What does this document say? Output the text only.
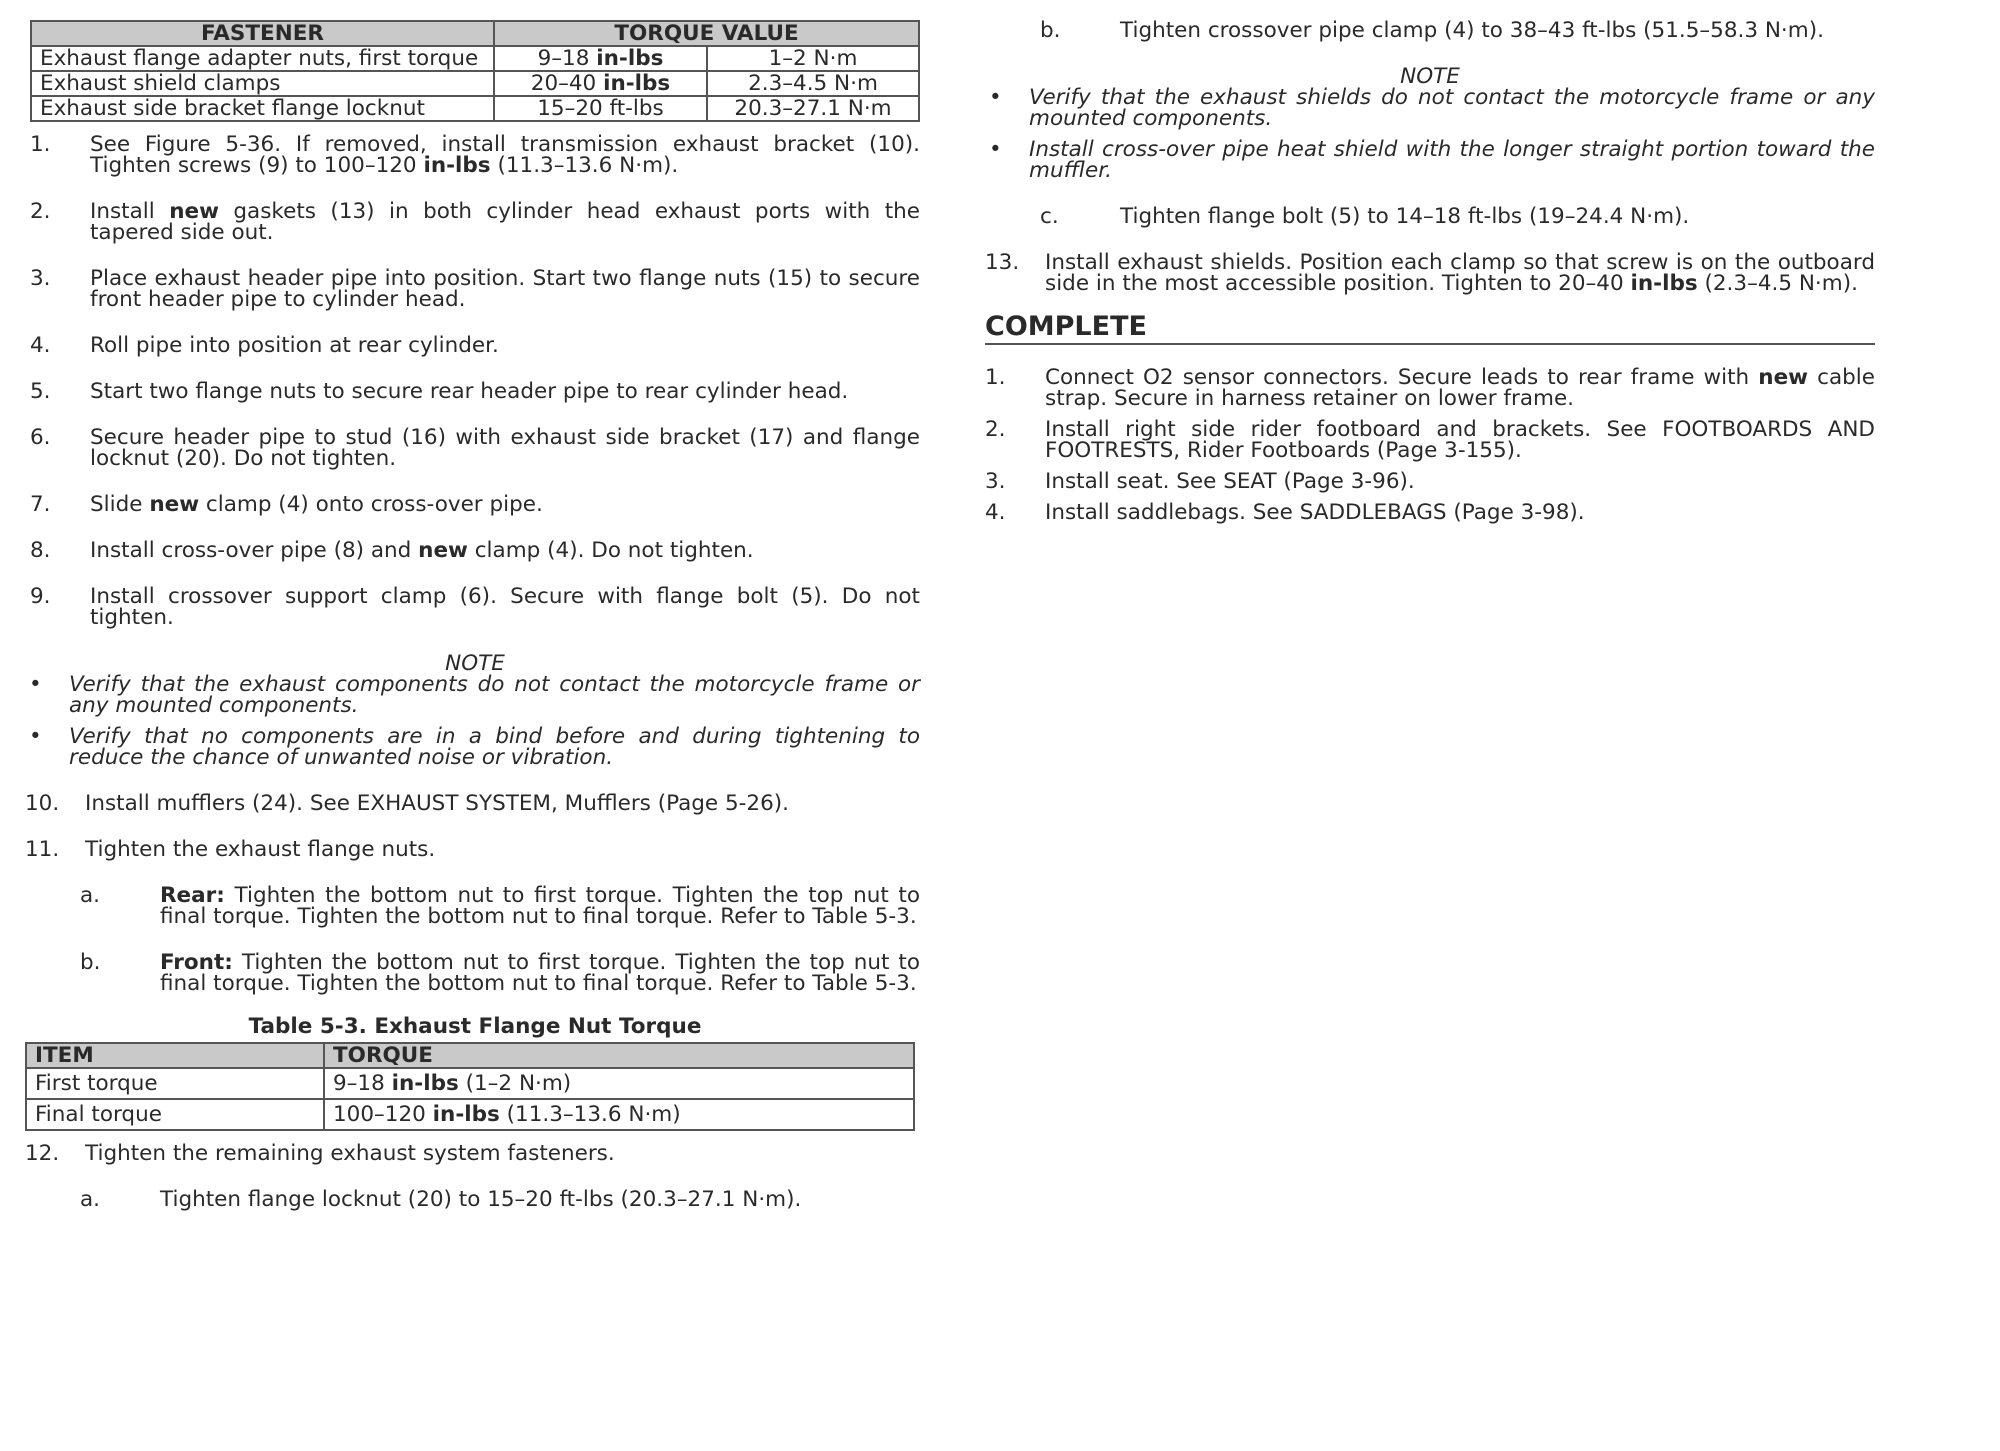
FASTENER	TORQUE VALUE	
Exhaust flange adapter nuts, first torque	9–18 in-lbs	1–2 N·m
Exhaust shield clamps	20–40 in-lbs	2.3–4.5 N·m
Exhaust side bracket flange locknut	15–20 ft-lbs	20.3–27.1 N·m
1.	See Figure 5-36. If removed, install transmission exhaust bracket (10). Tighten screws (9) to 100–120 in-lbs (11.3–13.6 N·m).
2.	Install new gaskets (13) in both cylinder head exhaust ports with the tapered side out.
3.	Place exhaust header pipe into position. Start two flange nuts (15) to secure front header pipe to cylinder head.
4.	Roll pipe into position at rear cylinder.
5.	Start two flange nuts to secure rear header pipe to rear cylinder head.
6.	Secure header pipe to stud (16) with exhaust side bracket (17) and flange locknut (20). Do not tighten.
7.	Slide new clamp (4) onto cross-over pipe.
8.	Install cross-over pipe (8) and new clamp (4). Do not tighten.
9.	Install crossover support clamp (6). Secure with flange bolt (5). Do not tighten.
NOTE
•	Verify that the exhaust components do not contact the motorcycle frame or any mounted components.
•	Verify that no components are in a bind before and during tightening to reduce the chance of unwanted noise or vibration.
10.	Install mufflers (24). See EXHAUST SYSTEM, Mufflers (Page 5-26).
11.	Tighten the exhaust flange nuts.
a.	Rear: Tighten the bottom nut to first torque. Tighten the top nut to final torque. Tighten the bottom nut to final torque. Refer to Table 5-3.
b.	Front: Tighten the bottom nut to first torque. Tighten the top nut to final torque. Tighten the bottom nut to final torque. Refer to Table 5-3.
Table 5-3. Exhaust Flange Nut Torque
ITEM	TORQUE
First torque	9–18 in-lbs (1–2 N·m)
Final torque	100–120 in-lbs (11.3–13.6 N·m)
12.	Tighten the remaining exhaust system fasteners.
a.	Tighten flange locknut (20) to 15–20 ft-lbs (20.3–27.1 N·m).
b.	Tighten crossover pipe clamp (4) to 38–43 ft-lbs (51.5–58.3 N·m).
NOTE
•	Verify that the exhaust shields do not contact the motorcycle frame or any mounted components.
•	Install cross-over pipe heat shield with the longer straight portion toward the muffler.
c.	Tighten flange bolt (5) to 14–18 ft-lbs (19–24.4 N·m).
13.	Install exhaust shields. Position each clamp so that screw is on the outboard side in the most accessible position. Tighten to 20–40 in-lbs (2.3–4.5 N·m).
COMPLETE
1.	Connect O2 sensor connectors. Secure leads to rear frame with new cable strap. Secure in harness retainer on lower frame.
2.	Install right side rider footboard and brackets. See FOOTBOARDS AND FOOTRESTS, Rider Footboards (Page 3-155).
3.	Install seat. See SEAT (Page 3-96).
4.	Install saddlebags. See SADDLEBAGS (Page 3-98).
